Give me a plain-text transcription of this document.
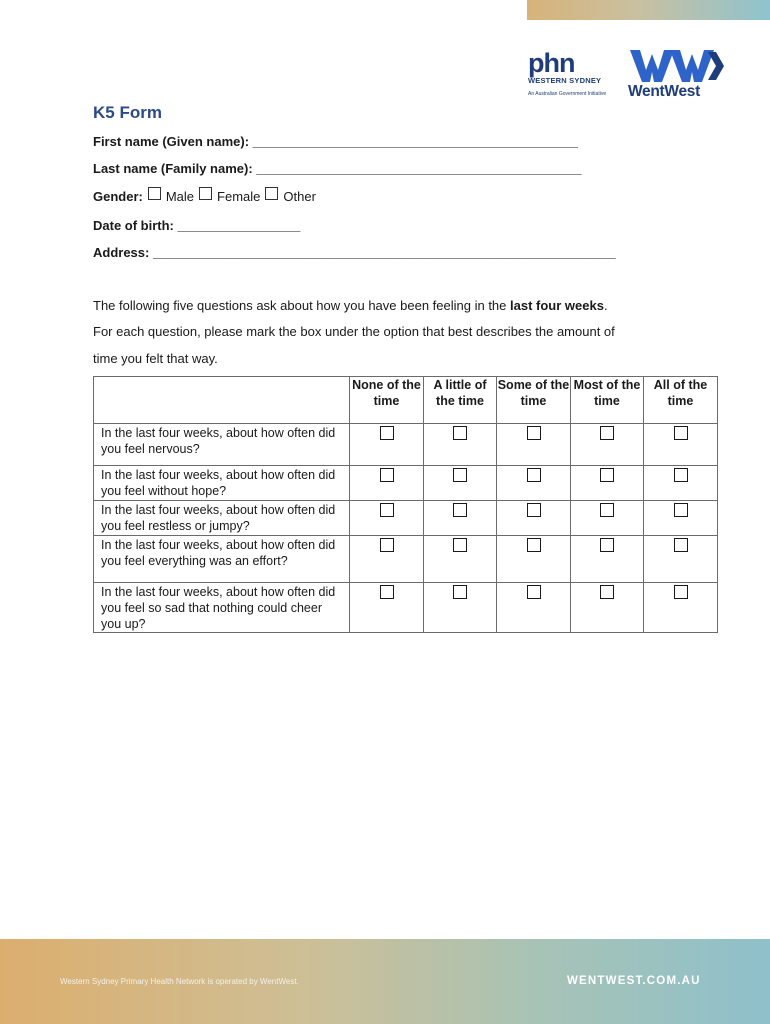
phn
WESTERN SYDNEY
An Australian Government Initiative	WentWest
K5 Form
First name (Given name): _____________________________________________
Last name (Family name): _____________________________________________
Gender: Male Female Other
Date of birth: _________________
Address: ________________________________________________________________
The following five questions ask about how you have been feeling in the last four weeks.
For each question, please mark the box under the option that best describes the amount of
time you felt that way.
	None of the time	A little of the time	Some of the time	Most of the time	All of the time
In the last four weeks, about how often did you feel nervous?					
In the last four weeks, about how often did you feel without hope?					
In the last four weeks, about how often did you feel restless or jumpy?					
In the last four weeks, about how often did you feel everything was an effort?					
In the last four weeks, about how often did you feel so sad that nothing could cheer you up?					
Western Sydney Primary Health Network is operated by WentWest.	WENTWEST.COM.AU
